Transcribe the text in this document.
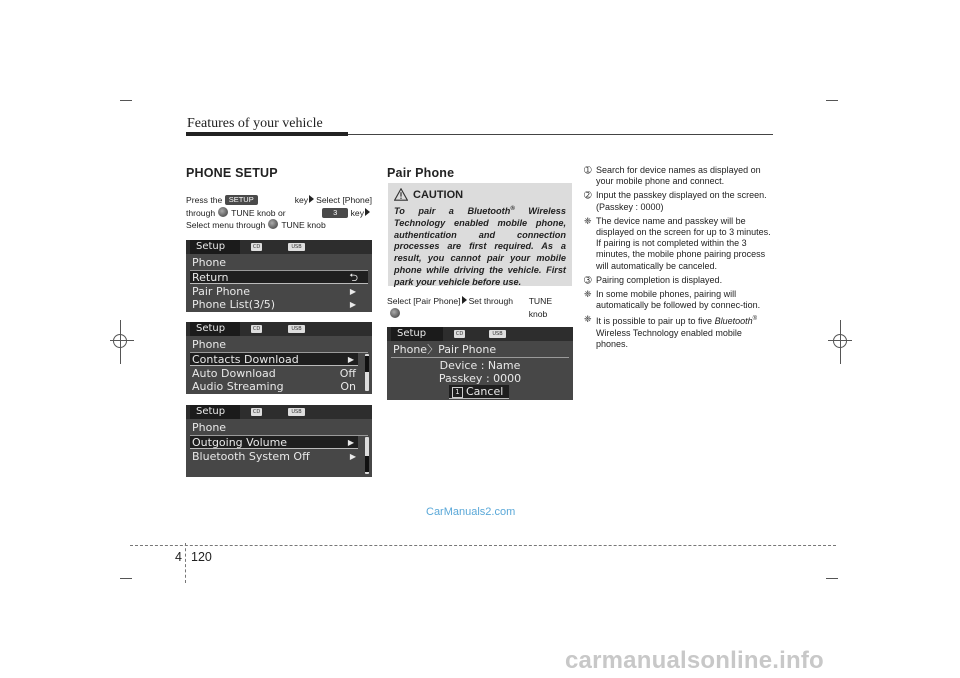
Features of your vehicle
PHONE SETUP
Press the SETUP	key Select [Phone]
through TUNE knob or	3 key
Select menu through TUNE knob
Setup	CD	USB
Phone
Return	⮌
Pair Phone	▶
Phone List(3/5)	▶
Setup	CD	USB
Phone
Contacts Download	▶
Auto Download	Off
Audio Streaming	On
Setup	CD	USB
Phone
Outgoing Volume	▶
Bluetooth System Off	▶
Pair Phone
CAUTION
To pair a Bluetooth® Wireless Technology enabled mobile phone, authentication and connection processes are first required. As a result, you cannot pair your mobile phone while driving the vehicle. First park your vehicle before use.
Select [Pair Phone] Set through	TUNE knob
Setup	CD	USB
Phone〉Pair Phone
Device : Name
Passkey : 0000
1 Cancel
➀ Search for device names as displayed on your mobile phone and connect.
➁ Input the passkey displayed on the screen. (Passkey : 0000)
❈ The device name and passkey will be displayed on the screen for up to 3 minutes. If pairing is not completed within the 3 minutes, the mobile phone pairing process will automatically be canceled.
➂ Pairing completion is displayed.
❈ In some mobile phones, pairing will automatically be followed by connec-tion.
❈ It is possible to pair up to five Bluetooth® Wireless Technology enabled mobile phones.
CarManuals2.com
4 120
carmanualsonline.info
